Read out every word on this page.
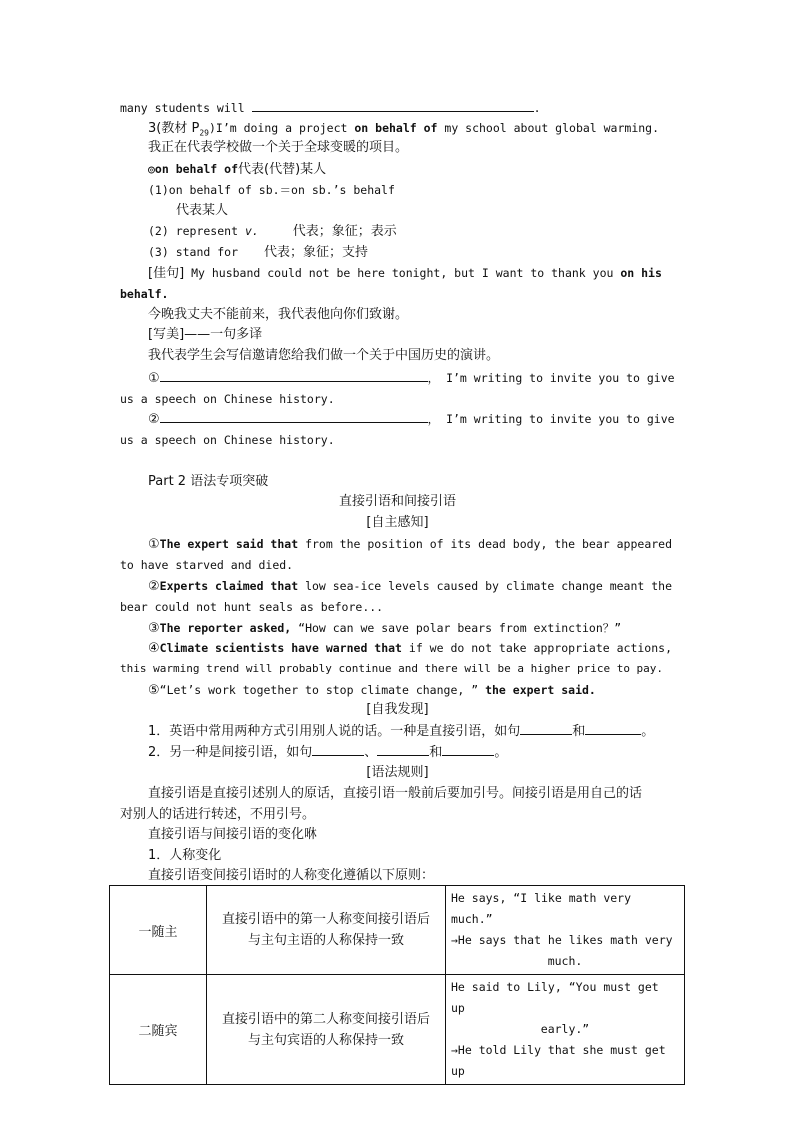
many students will	.
3(教材 $P_{29})I’m$ doing a project on behalf of my school about global warming.
我正在代表学校做一个关于全球变暖的项目。
◎on behalf of代表(代替)某人
(1)on behalf of sb.＝on sb.’s behalf
代表某人
(2) represent v.	代表；象征；表示
(3) stand for 代表；象征；支持
[佳句] My husband could not be here tonight, but I want to thank you on his
behalf.
今晚我丈夫不能前来，我代表他向你们致谢。
[写美]——一句多译
我代表学生会写信邀请您给我们做一个关于中国历史的演讲。
①	， I’m writing to invite you to give
us a speech on Chinese history.
②	， I’m writing to invite you to give
us a speech on Chinese history.
Part 2 语法专项突破
直接引语和间接引语
[自主感知]
①The expert said that from the position of its dead body, the bear appeared
to have starved and died.
②Experts claimed that low sea-ice levels caused by climate change meant the
bear could not hunt seals as before...
③The reporter asked, “How can we save polar bears from extinction？”
④Climate scientists have warned that if we do not take appropriate actions,
this warming trend will probably continue and there will be a higher price to pay.
⑤“Let’s work together to stop climate change, ” the expert said.
[自我发现]
1．英语中常用两种方式引用别人说的话。一种是直接引语，如句	和	。
2．另一种是间接引语，如句	、	和	。
[语法规则]
直接引语是直接引述别人的原话，直接引语一般前后要加引号。间接引语是用自己的话
对别人的话进行转述，不用引号。
直接引语与间接引语的变化咻
1．人称变化
直接引语变间接引语时的人称变化遵循以下原则：
一随主	直接引语中的第一人称变间接引语后
与主句主语的人称保持一致	He says, “I like math very much.”
→He says that he likes math very
much.

二随宾	直接引语中的第二人称变间接引语后
与主句宾语的人称保持一致	He said to Lily, “You must get up
early.”
→He told Lily that she must get up
